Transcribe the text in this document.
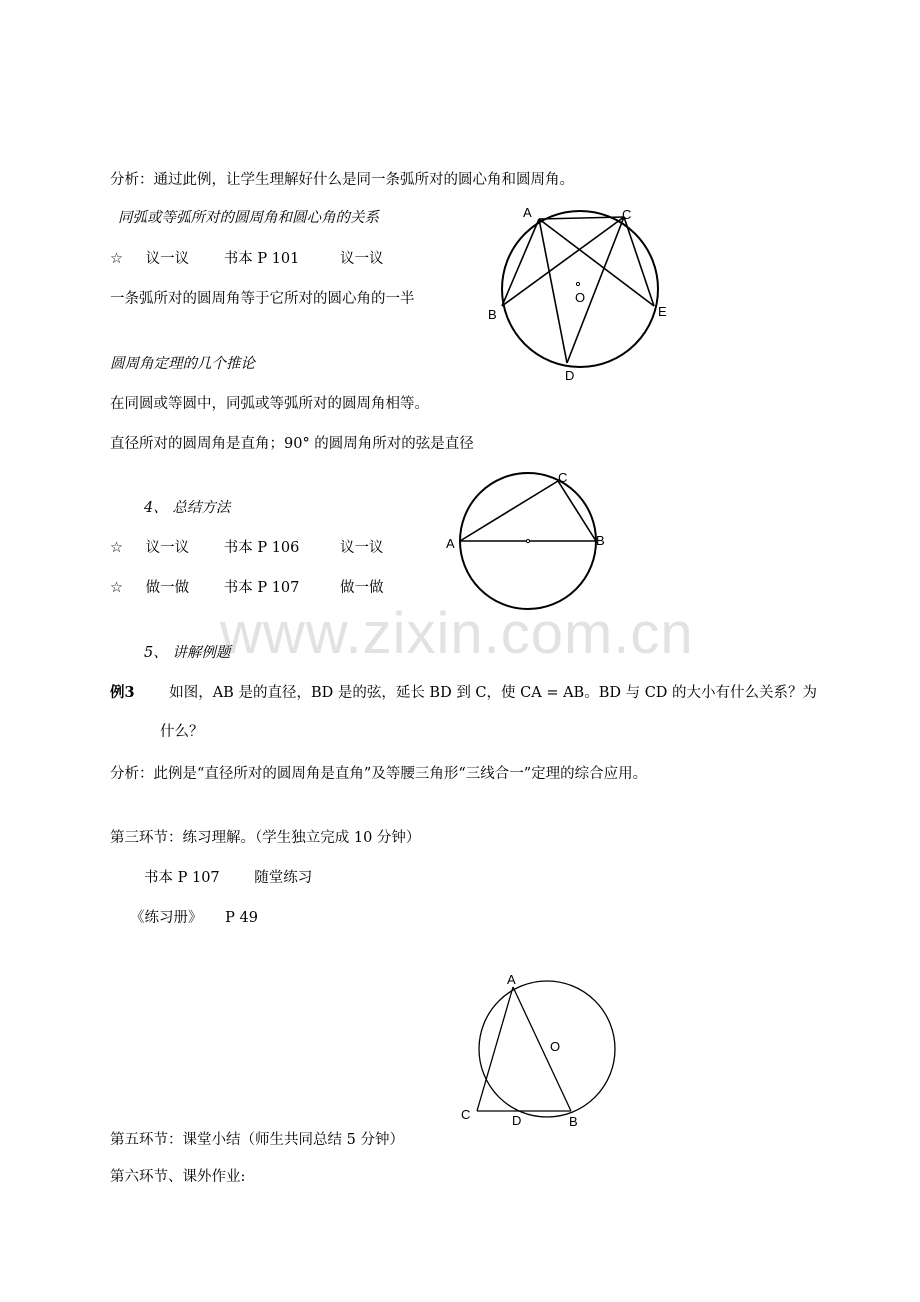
www.zixin.com.cn
分析：通过此例，让学生理解好什么是同一条弧所对的圆心角和圆周角。
同弧或等弧所对的圆周角和圆心角的关系
☆ 议一议 书本 P 101	议一议
一条弧所对的圆周角等于它所对的圆心角的一半
圆周角定理的几个推论
在同圆或等圆中，同弧或等弧所对的圆周角相等。
直径所对的圆周角是直角；90° 的圆周角所对的弦是直径
4、 总结方法
☆ 议一议 书本 P 106	议一议
☆ 做一做 书本 P 107	做一做
5、 讲解例题
例3 如图，AB 是的直径，BD 是的弦，延长 BD 到 C，使 CA = AB。BD 与 CD 的大小有什么关系？为
什么？
分析：此例是“直径所对的圆周角是直角”及等腰三角形“三线合一”定理的综合应用。
第三环节：练习理解。（学生独立完成 10 分钟）
书本 P 107 随堂练习
《练习册》 P 49
第五环节：课堂小结（师生共同总结 5 分钟）
第六环节、课外作业:
A	C
O
B	E
D
A	B
C
A
O
C	D	B
